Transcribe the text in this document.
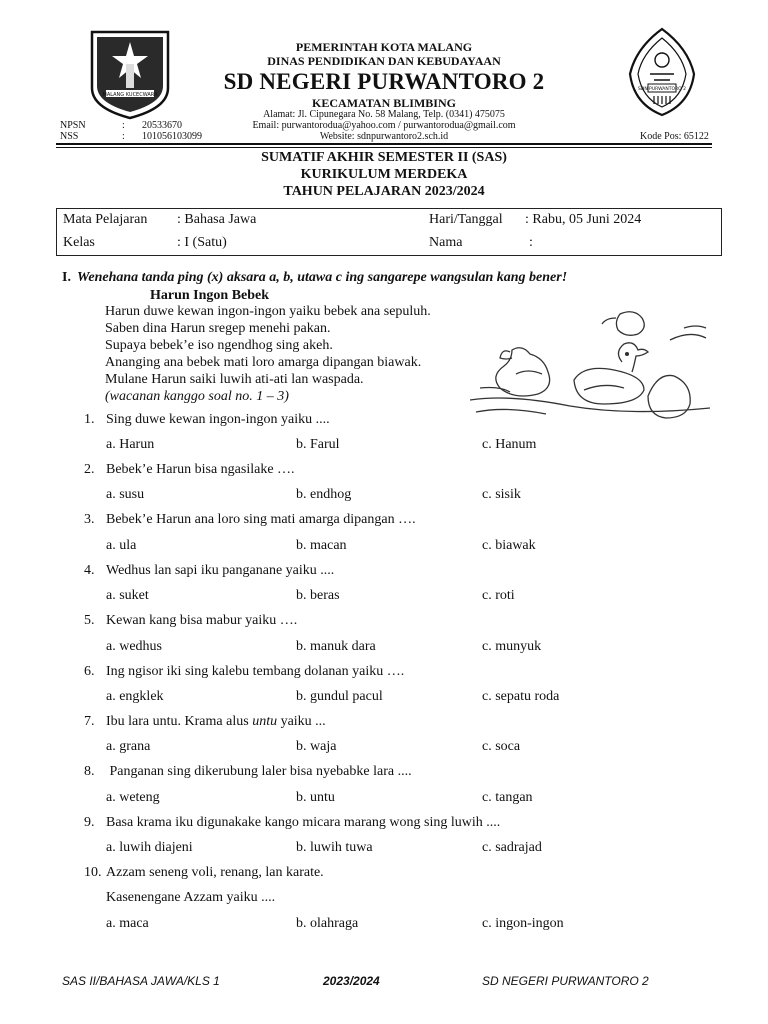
MALANG KUCECWARA
SDN PURWANTORO 2
PEMERINTAH KOTA MALANG
DINAS PENDIDIKAN DAN KEBUDAYAAN
SD NEGERI PURWANTORO 2
KECAMATAN BLIMBING
Alamat: Jl. Cipunegara No. 58 Malang, Telp. (0341) 475075
Email: purwantorodua@yahoo.com / purwantorodua@gmail.com
Website: sdnpurwantoro2.sch.id
NPSN	: 20533670
NSS	: 101056103099	Kode Pos: 65122
SUMATIF AKHIR SEMESTER II (SAS)
KURIKULUM MERDEKA
TAHUN PELAJARAN 2023/2024
Mata Pelajaran : Bahasa Jawa	Hari/Tanggal : Rabu, 05 Juni 2024
Kelas	: I (Satu)	Nama	:
I. Wenehana tanda ping (x) aksara a, b, utawa c ing sangarepe wangsulan kang bener!
Harun Ingon Bebek
Harun duwe kewan ingon-ingon yaiku bebek ana sepuluh.
Saben dina Harun sregep menehi pakan.
Supaya bebek’e iso ngendhog sing akeh.
Ananging ana bebek mati loro amarga dipangan biawak.
Mulane Harun saiki luwih ati-ati lan waspada.
(wacanan kanggo soal no. 1 – 3)
1. Sing duwe kewan ingon-ingon yaiku ....
a. Harun	b. Farul	c. Hanum
2. Bebek’e Harun bisa ngasilake ….
a. susu	b. endhog	c. sisik
3. Bebek’e Harun ana loro sing mati amarga dipangan ….
a. ula	b. macan	c. biawak
4. Wedhus lan sapi iku panganane yaiku ....
a. suket	b. beras	c. roti
5. Kewan kang bisa mabur yaiku ….
a. wedhus	b. manuk dara	c. munyuk
6. Ing ngisor iki sing kalebu tembang dolanan yaiku ….
a. engklek	b. gundul pacul	c. sepatu roda
7. Ibu lara untu. Krama alus untu yaiku ...
a. grana	b. waja	c. soca
8. Panganan sing dikerubung laler bisa nyebabke lara ....
a. weteng	b. untu	c. tangan
9. Basa krama iku digunakake kango micara marang wong sing luwih ....
a. luwih diajeni	b. luwih tuwa	c. sadrajad
10. Azzam seneng voli, renang, lan karate.
Kasenengane Azzam yaiku ....
a. maca	b. olahraga	c. ingon-ingon
SAS II/BAHASA JAWA/KLS 1	2023/2024	SD NEGERI PURWANTORO 2
